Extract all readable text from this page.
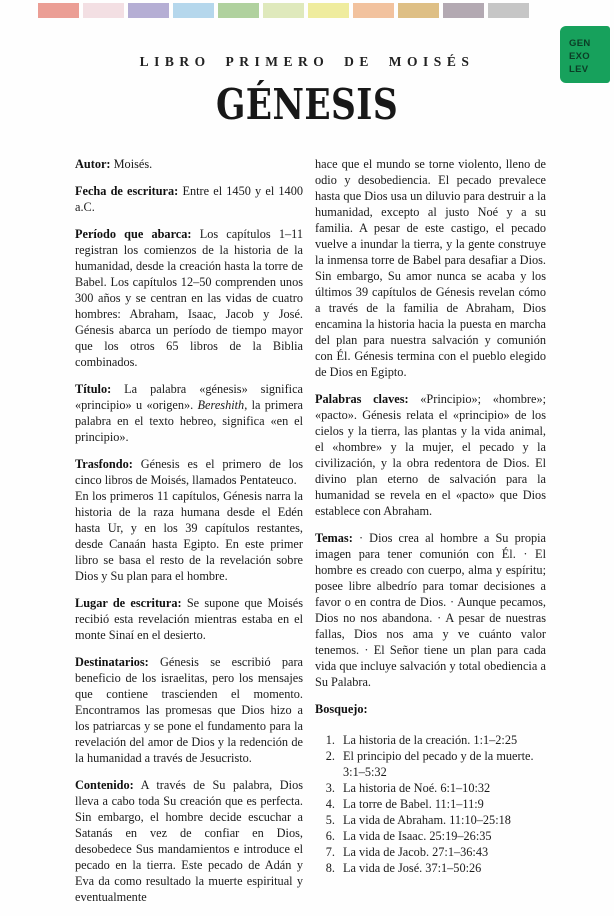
GEN
EXO
LEV
LIBRO PRIMERO DE MOISÉS
GÉNESIS

Autor: Moisés.

Fecha de escritura: Entre el 1450 y el 1400 a.C.

Período que abarca: Los capítulos 1–11 registran los comienzos de la historia de la humanidad, desde la creación hasta la torre de Babel. Los capítulos 12–50 comprenden unos 300 años y se centran en las vidas de cuatro hombres: Abraham, Isaac, Jacob y José. Génesis abarca un período de tiempo mayor que los otros 65 libros de la Biblia combinados.

Título: La palabra «génesis» significa «principio» u «origen». Bereshith, la primera palabra en el texto hebreo, significa «en el principio».

Trasfondo: Génesis es el primero de los cinco libros de Moisés, llamados Pentateuco.
En los primeros 11 capítulos, Génesis narra la historia de la raza humana desde el Edén hasta Ur, y en los 39 capítulos restantes, desde Canaán hasta Egipto. En este primer libro se basa el resto de la revelación sobre Dios y Su plan para el hombre.

Lugar de escritura: Se supone que Moisés recibió esta revelación mientras estaba en el monte Sinaí en el desierto.

Destinatarios: Génesis se escribió para beneficio de los israelitas, pero los mensajes que contiene trascienden el momento. Encontramos las promesas que Dios hizo a los patriarcas y se pone el fundamento para la revelación del amor de Dios y la redención de la humanidad a través de Jesucristo.

Contenido: A través de Su palabra, Dios lleva a cabo toda Su creación que es perfecta. Sin embargo, el hombre decide escuchar a Satanás en vez de confiar en Dios, desobedece Sus mandamientos e introduce el pecado en la tierra. Este pecado de Adán y Eva da como resultado la muerte espiritual y eventualmente

hace que el mundo se torne violento, lleno de odio y desobediencia. El pecado prevalece hasta que Dios usa un diluvio para destruir a la humanidad, excepto al justo Noé y a su familia. A pesar de este castigo, el pecado vuelve a inundar la tierra, y la gente construye la inmensa torre de Babel para desafiar a Dios. Sin embargo, Su amor nunca se acaba y los últimos 39 capítulos de Génesis revelan cómo a través de la familia de Abraham, Dios encamina la historia hacia la puesta en marcha del plan para nuestra salvación y comunión con Él. Génesis termina con el pueblo elegido de Dios en Egipto.

Palabras claves: «Principio»; «hombre»; «pacto». Génesis relata el «principio» de los cielos y la tierra, las plantas y la vida animal, el «hombre» y la mujer, el pecado y la civilización, y la obra redentora de Dios. El divino plan eterno de salvación para la humanidad se revela en el «pacto» que Dios establece con Abraham.

Temas: · Dios crea al hombre a Su propia imagen para tener comunión con Él. · El hombre es creado con cuerpo, alma y espíritu; posee libre albedrío para tomar decisiones a favor o en contra de Dios. · Aunque pecamos, Dios no nos abandona. · A pesar de nuestras fallas, Dios nos ama y ve cuánto valor tenemos. · El Señor tiene un plan para cada vida que incluye salvación y total obediencia a Su Palabra.

Bosquejo:

1. La historia de la creación. 1:1–2:25
2. El principio del pecado y de la muerte. 3:1–5:32
3. La historia de Noé. 6:1–10:32
4. La torre de Babel. 11:1–11:9
5. La vida de Abraham. 11:10–25:18
6. La vida de Isaac. 25:19–26:35
7. La vida de Jacob. 27:1–36:43
8. La vida de José. 37:1–50:26
